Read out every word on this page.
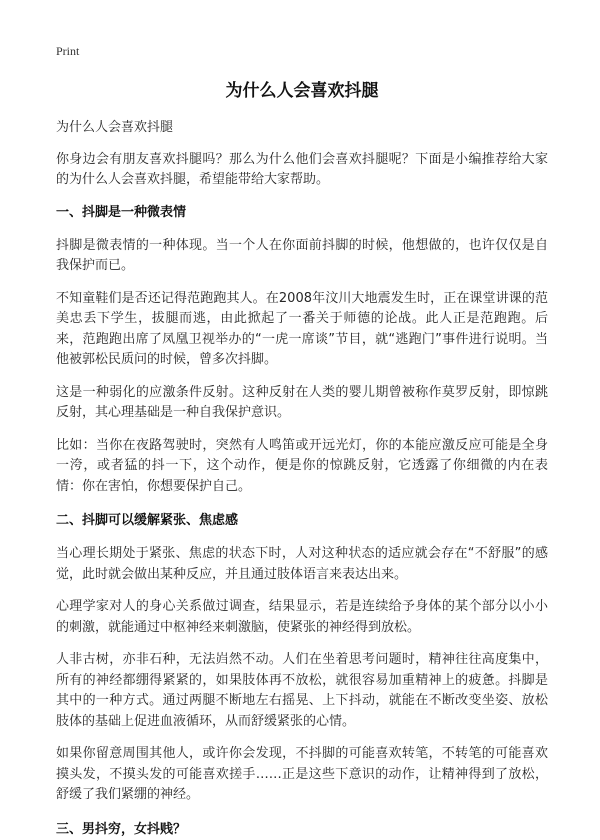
Print
为什么人会喜欢抖腿
为什么人会喜欢抖腿
你身边会有朋友喜欢抖腿吗？那么为什么他们会喜欢抖腿呢？下面是小编推荐给大家的为什么人会喜欢抖腿，希望能带给大家帮助。
一、抖脚是一种微表情
抖脚是微表情的一种体现。当一个人在你面前抖脚的时候，他想做的，也许仅仅是自我保护而已。
不知童鞋们是否还记得范跑跑其人。在2008年汶川大地震发生时，正在课堂讲课的范美忠丢下学生，拔腿而逃，由此掀起了一番关于师德的论战。此人正是范跑跑。后来，范跑跑出席了凤凰卫视举办的“一虎一席谈”节目，就“逃跑门”事件进行说明。当他被郭松民质问的时候，曾多次抖脚。
这是一种弱化的应激条件反射。这种反射在人类的婴儿期曾被称作莫罗反射，即惊跳反射，其心理基础是一种自我保护意识。
比如：当你在夜路驾驶时，突然有人鸣笛或开远光灯，你的本能应激反应可能是全身一洿，或者猛的抖一下，这个动作，便是你的惊跳反射，它透露了你细微的内在表情：你在害怕，你想要保护自己。
二、抖脚可以缓解紧张、焦虑感
当心理长期处于紧张、焦虑的状态下时，人对这种状态的适应就会存在“不舒服”的感觉，此时就会做出某种反应，并且通过肢体语言来表达出来。
心理学家对人的身心关系做过调查，结果显示，若是连续给予身体的某个部分以小小的刺激，就能通过中枢神经来刺激脑，使紧张的神经得到放松。
人非古树，亦非石种，无法岿然不动。人们在坐着思考问题时，精神往往高度集中，所有的神经都绷得紧紧的，如果肢体再不放松，就很容易加重精神上的疲惫。抖脚是其中的一种方式。通过两腿不断地左右摇晃、上下抖动，就能在不断改变坐姿、放松肢体的基础上促进血液循环，从而舒缓紧张的心情。
如果你留意周围其他人，或许你会发现，不抖脚的可能喜欢转笔，不转笔的可能喜欢摸头发，不摸头发的可能喜欢搓手……正是这些下意识的动作，让精神得到了放松，舒缓了我们紧绷的神经。
三、男抖穷，女抖贱？
